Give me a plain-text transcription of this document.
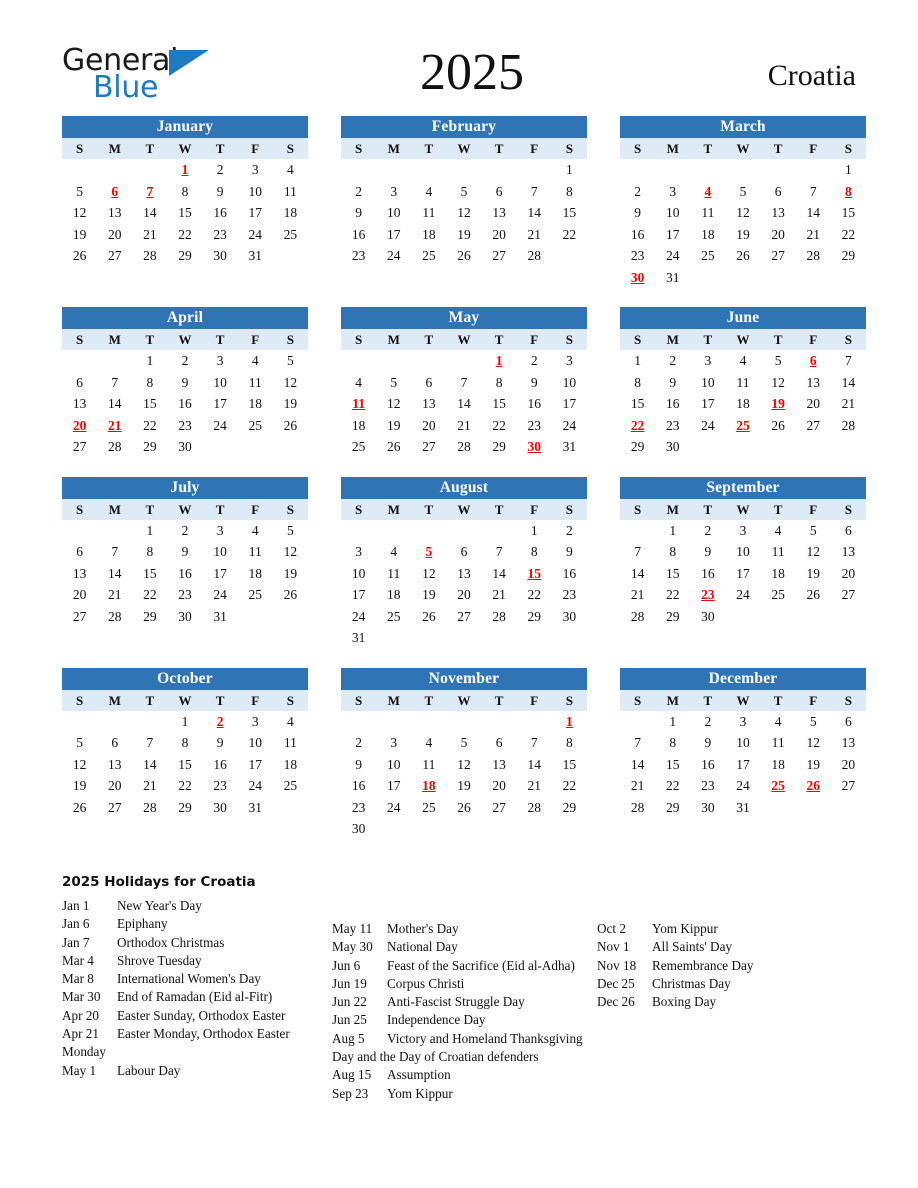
General
Blue	2025	Croatia
January
S	M	T	W	T	F	S
			1	2	3	4
5	6	7	8	9	10	11
12	13	14	15	16	17	18
19	20	21	22	23	24	25
26	27	28	29	30	31	
February
S	M	T	W	T	F	S
						1
2	3	4	5	6	7	8
9	10	11	12	13	14	15
16	17	18	19	20	21	22
23	24	25	26	27	28	
March
S	M	T	W	T	F	S
						1
2	3	4	5	6	7	8
9	10	11	12	13	14	15
16	17	18	19	20	21	22
23	24	25	26	27	28	29
30	31					
April
S	M	T	W	T	F	S
		1	2	3	4	5
6	7	8	9	10	11	12
13	14	15	16	17	18	19
20	21	22	23	24	25	26
27	28	29	30			
May
S	M	T	W	T	F	S
				1	2	3
4	5	6	7	8	9	10
11	12	13	14	15	16	17
18	19	20	21	22	23	24
25	26	27	28	29	30	31
June
S	M	T	W	T	F	S
1	2	3	4	5	6	7
8	9	10	11	12	13	14
15	16	17	18	19	20	21
22	23	24	25	26	27	28
29	30					
July
S	M	T	W	T	F	S
		1	2	3	4	5
6	7	8	9	10	11	12
13	14	15	16	17	18	19
20	21	22	23	24	25	26
27	28	29	30	31		
August
S	M	T	W	T	F	S
					1	2
3	4	5	6	7	8	9
10	11	12	13	14	15	16
17	18	19	20	21	22	23
24	25	26	27	28	29	30
31						
September
S	M	T	W	T	F	S
	1	2	3	4	5	6
7	8	9	10	11	12	13
14	15	16	17	18	19	20
21	22	23	24	25	26	27
28	29	30				
October
S	M	T	W	T	F	S
			1	2	3	4
5	6	7	8	9	10	11
12	13	14	15	16	17	18
19	20	21	22	23	24	25
26	27	28	29	30	31	
November
S	M	T	W	T	F	S
						1
2	3	4	5	6	7	8
9	10	11	12	13	14	15
16	17	18	19	20	21	22
23	24	25	26	27	28	29
30						
December
S	M	T	W	T	F	S
	1	2	3	4	5	6
7	8	9	10	11	12	13
14	15	16	17	18	19	20
21	22	23	24	25	26	27
28	29	30	31			
2025 Holidays for Croatia
Jan 1 New Year's Day
Jan 6 Epiphany
Jan 7 Orthodox Christmas
Mar 4 Shrove Tuesday
Mar 8 International Women's Day
Mar 30 End of Ramadan (Eid al-Fitr)
Apr 20 Easter Sunday, Orthodox Easter
Apr 21 Easter Monday, Orthodox Easter Monday
May 1 Labour Day
May 11 Mother's Day
May 30 National Day
Jun 6 Feast of the Sacrifice (Eid al-Adha)
Jun 19 Corpus Christi
Jun 22 Anti-Fascist Struggle Day
Jun 25 Independence Day
Aug 5 Victory and Homeland Thanksgiving Day and the Day of Croatian defenders
Aug 15 Assumption
Sep 23 Yom Kippur
Oct 2 Yom Kippur
Nov 1 All Saints' Day
Nov 18 Remembrance Day
Dec 25 Christmas Day
Dec 26 Boxing Day
